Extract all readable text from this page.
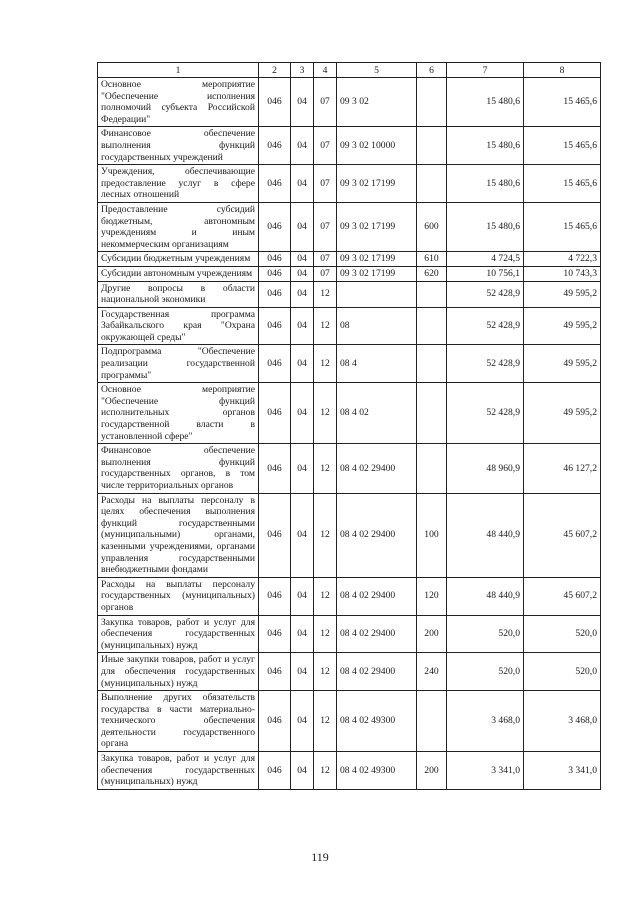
1	2	3	4	5	6	7	8
Основное мероприятие "Обеспечение исполнения полномочий субъекта Российской Федерации"	046	04	07	09 3 02		15 480,6	15 465,6
Финансовое обеспечение выполнения функций государственных учреждений	046	04	07	09 3 02 10000		15 480,6	15 465,6
Учреждения, обеспечивающие предоставление услуг в сфере лесных отношений	046	04	07	09 3 02 17199		15 480,6	15 465,6
Предоставление субсидий бюджетным, автономным учреждениям и иным некоммерческим организациям	046	04	07	09 3 02 17199	600	15 480,6	15 465,6
Субсидии бюджетным учреждениям	046	04	07	09 3 02 17199	610	4 724,5	4 722,3
Субсидии автономным учреждениям	046	04	07	09 3 02 17199	620	10 756,1	10 743,3
Другие вопросы в области национальной экономики	046	04	12			52 428,9	49 595,2
Государственная программа Забайкальского края "Охрана окружающей среды"	046	04	12	08		52 428,9	49 595,2
Подпрограмма "Обеспечение реализации государственной программы"	046	04	12	08 4		52 428,9	49 595,2
Основное мероприятие "Обеспечение функций исполнительных органов государственной власти в установленной сфере"	046	04	12	08 4 02		52 428,9	49 595,2
Финансовое обеспечение выполнения функций государственных органов, в том числе территориальных органов	046	04	12	08 4 02 29400		48 960,9	46 127,2
Расходы на выплаты персоналу в целях обеспечения выполнения функций государственными (муниципальными) органами, казенными учреждениями, органами управления государственными внебюджетными фондами	046	04	12	08 4 02 29400	100	48 440,9	45 607,2
Расходы на выплаты персоналу государственных (муниципальных) органов	046	04	12	08 4 02 29400	120	48 440,9	45 607,2
Закупка товаров, работ и услуг для обеспечения государственных (муниципальных) нужд	046	04	12	08 4 02 29400	200	520,0	520,0
Иные закупки товаров, работ и услуг для обеспечения государственных (муниципальных) нужд	046	04	12	08 4 02 29400	240	520,0	520,0
Выполнение других обязательств государства в части материально-технического обеспечения деятельности государственного органа	046	04	12	08 4 02 49300		3 468,0	3 468,0
Закупка товаров, работ и услуг для обеспечения государственных (муниципальных) нужд	046	04	12	08 4 02 49300	200	3 341,0	3 341,0
119
